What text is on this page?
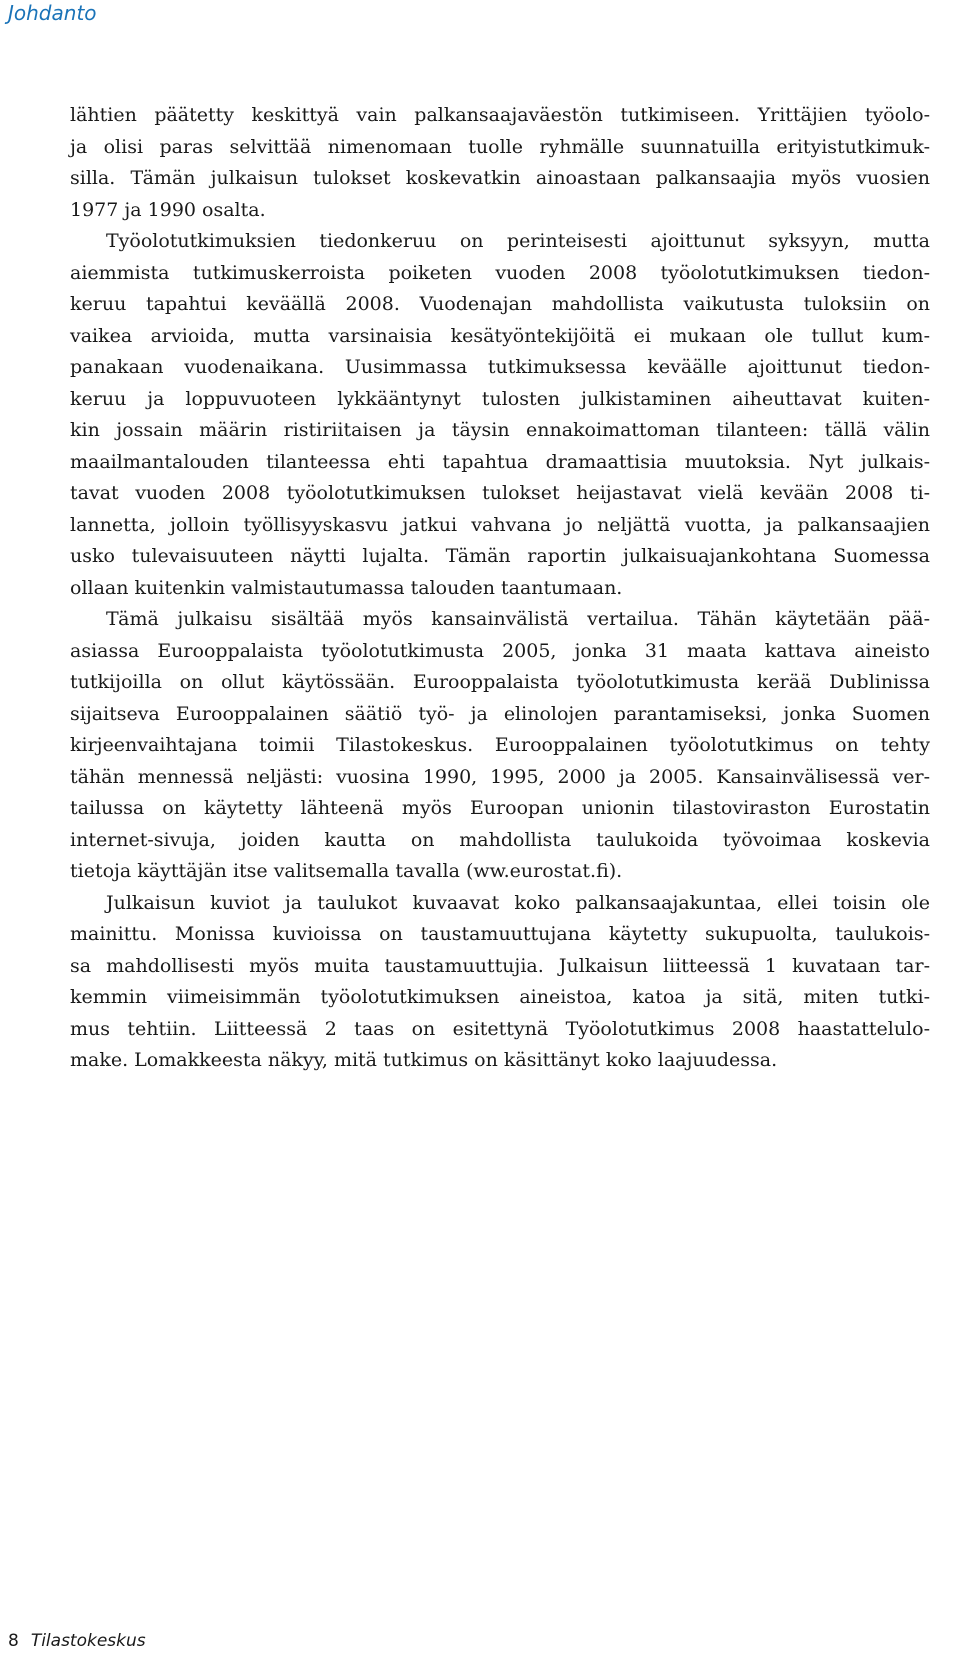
Johdanto
lähtien päätetty keskittyä vain palkansaajaväestön tutkimiseen. Yrittäjien työolo-
ja olisi paras selvittää nimenomaan tuolle ryhmälle suunnatuilla erityistutkimuk-
silla. Tämän julkaisun tulokset koskevatkin ainoastaan palkansaajia myös vuosien
1977 ja 1990 osalta.
Työolotutkimuksien tiedonkeruu on perinteisesti ajoittunut syksyyn, mutta
aiemmista tutkimuskerroista poiketen vuoden 2008 työolotutkimuksen tiedon-
keruu tapahtui keväällä 2008. Vuodenajan mahdollista vaikutusta tuloksiin on
vaikea arvioida, mutta varsinaisia kesätyöntekijöitä ei mukaan ole tullut kum-
panakaan vuodenaikana. Uusimmassa tutkimuksessa keväälle ajoittunut tiedon-
keruu ja loppuvuoteen lykkääntynyt tulosten julkistaminen aiheuttavat kuiten-
kin jossain määrin ristiriitaisen ja täysin ennakoimattoman tilanteen: tällä välin
maailmantalouden tilanteessa ehti tapahtua dramaattisia muutoksia. Nyt julkais-
tavat vuoden 2008 työolotutkimuksen tulokset heijastavat vielä kevään 2008 ti-
lannetta, jolloin työllisyyskasvu jatkui vahvana jo neljättä vuotta, ja palkansaajien
usko tulevaisuuteen näytti lujalta. Tämän raportin julkaisuajankohtana Suomessa
ollaan kuitenkin valmistautumassa talouden taantumaan.
Tämä julkaisu sisältää myös kansainvälistä vertailua. Tähän käytetään pää-
asiassa Eurooppalaista työolotutkimusta 2005, jonka 31 maata kattava aineisto
tutkijoilla on ollut käytössään. Eurooppalaista työolotutkimusta kerää Dublinissa
sijaitseva Eurooppalainen säätiö työ- ja elinolojen parantamiseksi, jonka Suomen
kirjeenvaihtajana toimii Tilastokeskus. Eurooppalainen työolotutkimus on tehty
tähän mennessä neljästi: vuosina 1990, 1995, 2000 ja 2005. Kansainvälisessä ver-
tailussa on käytetty lähteenä myös Euroopan unionin tilastoviraston Eurostatin
internet-sivuja, joiden kautta on mahdollista taulukoida työvoimaa koskevia
tietoja käyttäjän itse valitsemalla tavalla (ww.eurostat.fi).
Julkaisun kuviot ja taulukot kuvaavat koko palkansaajakuntaa, ellei toisin ole
mainittu. Monissa kuvioissa on taustamuuttujana käytetty sukupuolta, taulukois-
sa mahdollisesti myös muita taustamuuttujia. Julkaisun liitteessä 1 kuvataan tar-
kemmin viimeisimmän työolotutkimuksen aineistoa, katoa ja sitä, miten tutki-
mus tehtiin. Liitteessä 2 taas on esitettynä Työolotutkimus 2008 haastattelulo-
make. Lomakkeesta näkyy, mitä tutkimus on käsittänyt koko laajuudessa.
8 Tilastokeskus
